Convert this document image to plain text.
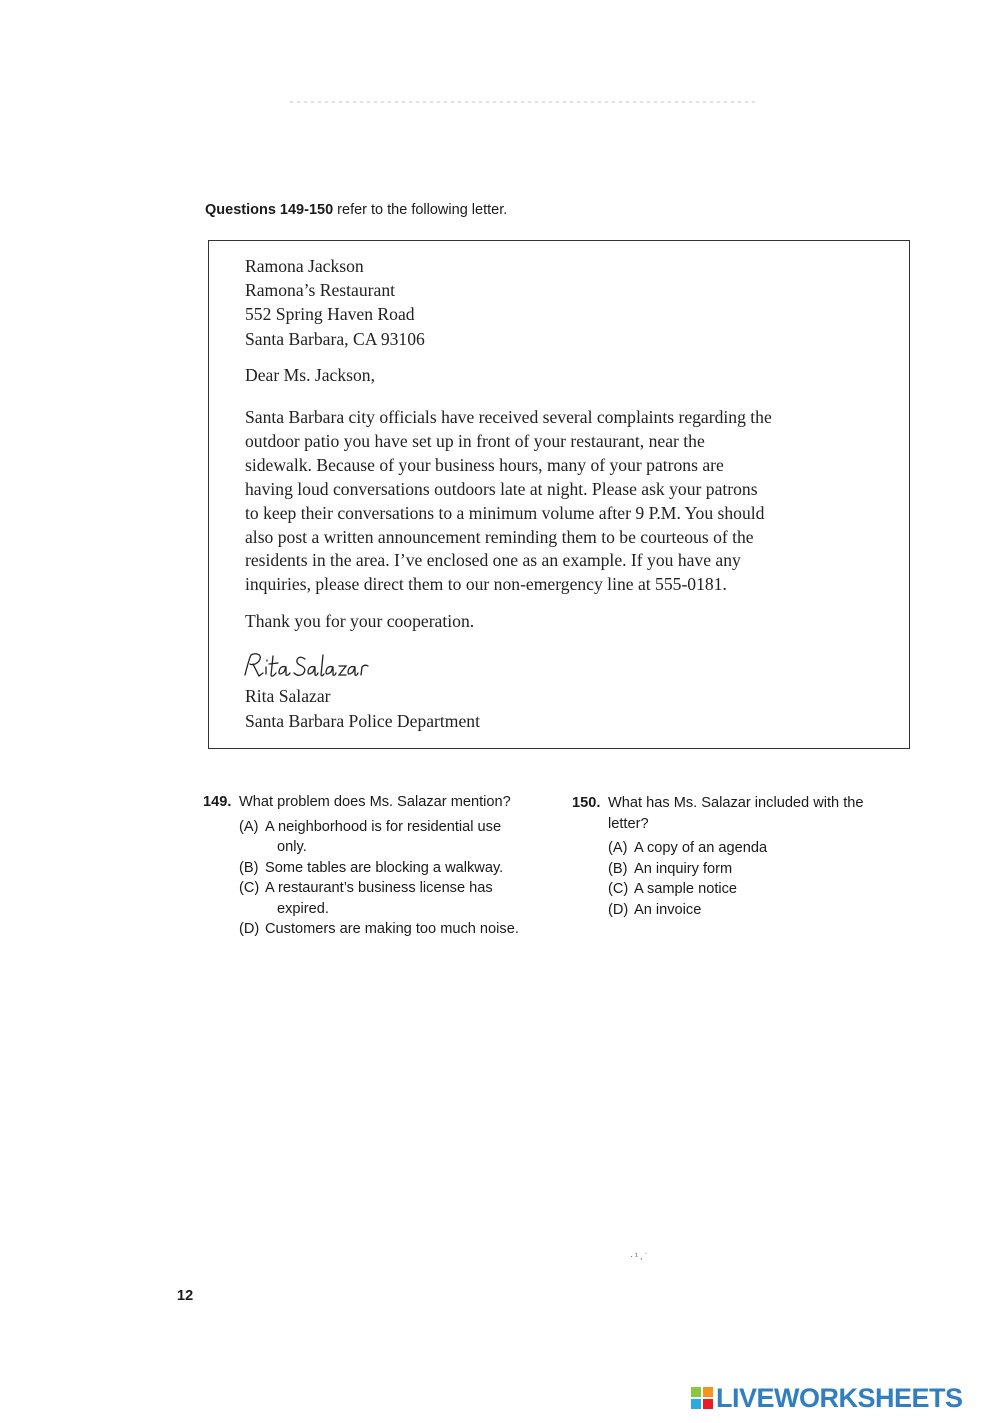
Questions 149-150 refer to the following letter.
Ramona Jackson
Ramona’s Restaurant
552 Spring Haven Road
Santa Barbara, CA 93106
Dear Ms. Jackson,

Santa Barbara city officials have received several complaints regarding the

outdoor patio you have set up in front of your restaurant, near the

sidewalk. Because of your business hours, many of your patrons are

having loud conversations outdoors late at night. Please ask your patrons

to keep their conversations to a minimum volume after 9 P.M. You should

also post a written announcement reminding them to be courteous of the

residents in the area. I’ve enclosed one as an example. If you have any

inquiries, please direct them to our non-emergency line at 555-0181.

Thank you for your cooperation.
Rita Salazar
Santa Barbara Police Department
149. What problem does Ms. Salazar mention?
(A) A neighborhood is for residential use
only.
(B) Some tables are blocking a walkway.
(C) A restaurant’s business license has
expired.
(D) Customers are making too much noise.
150. What has Ms. Salazar included with the
letter?
(A) A copy of an agenda
(B) An inquiry form
(C) A sample notice
(D) An invoice
·¹,ˈ
12
LIVEWORKSHEETS
